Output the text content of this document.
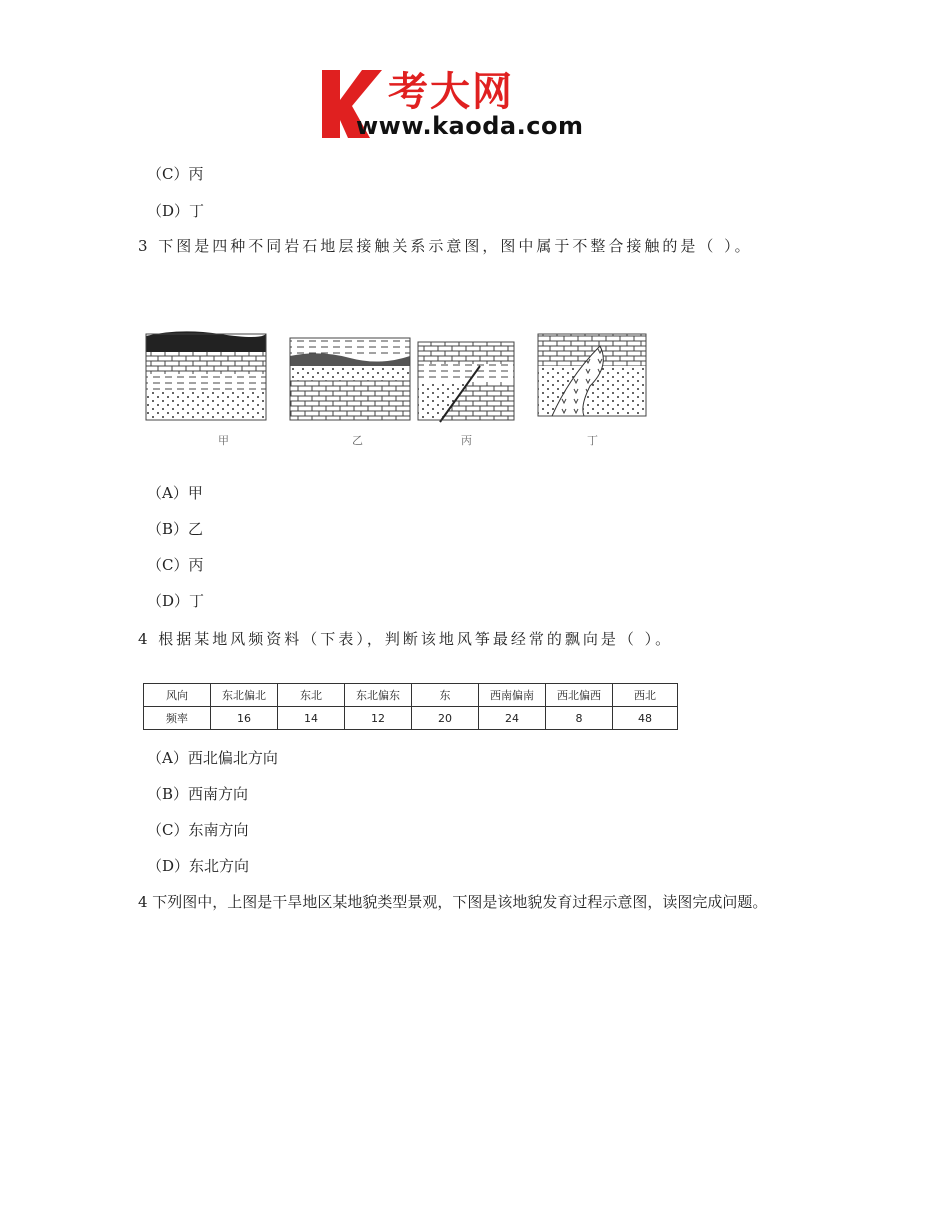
考大网
www.kaoda.com
（C）丙
（D）丁
3 下图是四种不同岩石地层接触关系示意图，图中属于不整合接触的是（ ）。
甲	乙	丙	丁
（A）甲
（B）乙
（C）丙
（D）丁
4 根据某地风频资料（下表），判断该地风筝最经常的飘向是（ ）。
风向	东北偏北	东北	东北偏东	东	西南偏南	西北偏西	西北
频率	16	14	12	20	24	8	48
（A）西北偏北方向
（B）西南方向
（C）东南方向
（D）东北方向
4 下列图中，上图是干旱地区某地貌类型景观，下图是该地貌发育过程示意图，读图完成问题。
